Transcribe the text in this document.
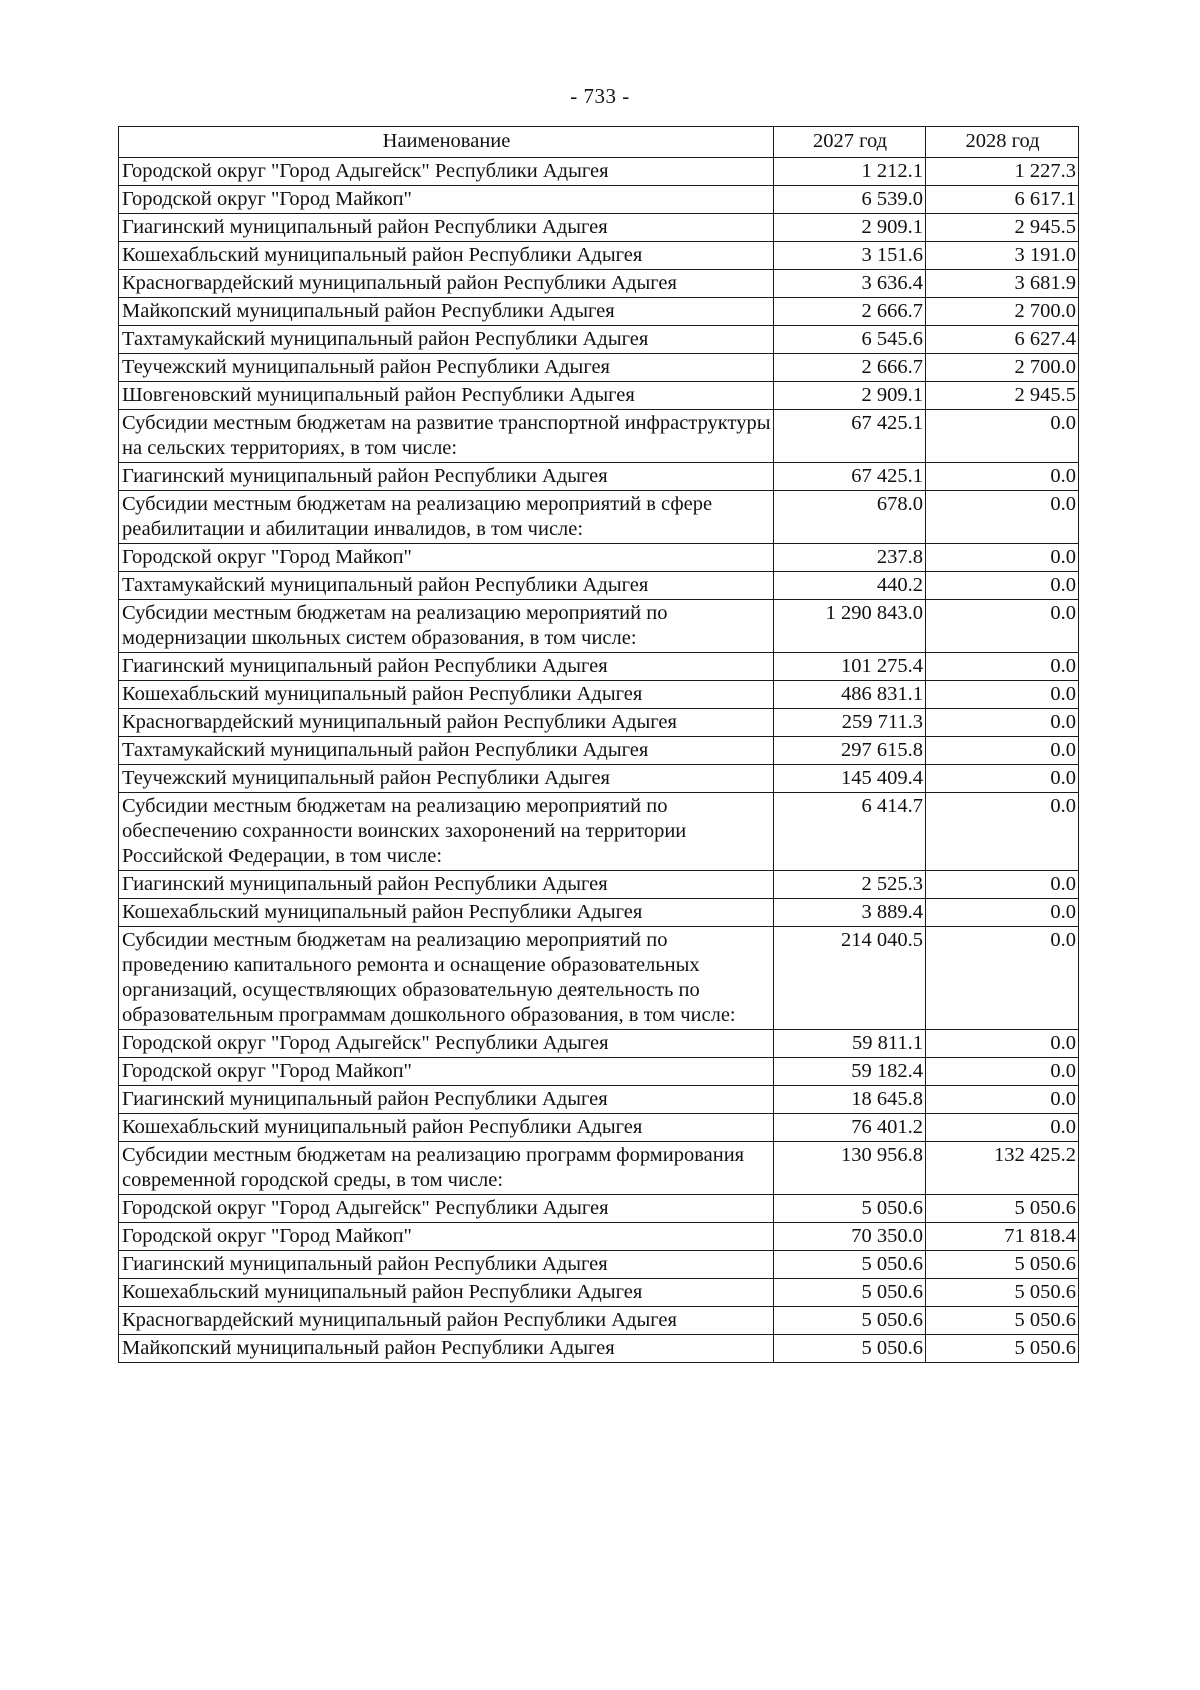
- 733 -
Наименование	2027 год	2028 год
Городской округ "Город Адыгейск" Республики Адыгея	1 212.1	1 227.3
Городской округ "Город Майкоп"	6 539.0	6 617.1
Гиагинский муниципальный район Республики Адыгея	2 909.1	2 945.5
Кошехабльский муниципальный район Республики Адыгея	3 151.6	3 191.0
Красногвардейский муниципальный район Республики Адыгея	3 636.4	3 681.9
Майкопский муниципальный район Республики Адыгея	2 666.7	2 700.0
Тахтамукайский муниципальный район Республики Адыгея	6 545.6	6 627.4
Теучежский муниципальный район Республики Адыгея	2 666.7	2 700.0
Шовгеновский муниципальный район Республики Адыгея	2 909.1	2 945.5
Субсидии местным бюджетам на развитие транспортной инфраструктуры на сельских территориях, в том числе:	67 425.1	0.0
Гиагинский муниципальный район Республики Адыгея	67 425.1	0.0
Субсидии местным бюджетам на реализацию мероприятий в сфере реабилитации и абилитации инвалидов, в том числе:	678.0	0.0
Городской округ "Город Майкоп"	237.8	0.0
Тахтамукайский муниципальный район Республики Адыгея	440.2	0.0
Субсидии местным бюджетам на реализацию мероприятий по модернизации школьных систем образования, в том числе:	1 290 843.0	0.0
Гиагинский муниципальный район Республики Адыгея	101 275.4	0.0
Кошехабльский муниципальный район Республики Адыгея	486 831.1	0.0
Красногвардейский муниципальный район Республики Адыгея	259 711.3	0.0
Тахтамукайский муниципальный район Республики Адыгея	297 615.8	0.0
Теучежский муниципальный район Республики Адыгея	145 409.4	0.0
Субсидии местным бюджетам на реализацию мероприятий по обеспечению сохранности воинских захоронений на территории Российской Федерации, в том числе:	6 414.7	0.0
Гиагинский муниципальный район Республики Адыгея	2 525.3	0.0
Кошехабльский муниципальный район Республики Адыгея	3 889.4	0.0
Субсидии местным бюджетам на реализацию мероприятий по проведению капитального ремонта и оснащение образовательных организаций, осуществляющих образовательную деятельность по образовательным программам дошкольного образования, в том числе:	214 040.5	0.0
Городской округ "Город Адыгейск" Республики Адыгея	59 811.1	0.0
Городской округ "Город Майкоп"	59 182.4	0.0
Гиагинский муниципальный район Республики Адыгея	18 645.8	0.0
Кошехабльский муниципальный район Республики Адыгея	76 401.2	0.0
Субсидии местным бюджетам на реализацию программ формирования современной городской среды, в том числе:	130 956.8	132 425.2
Городской округ "Город Адыгейск" Республики Адыгея	5 050.6	5 050.6
Городской округ "Город Майкоп"	70 350.0	71 818.4
Гиагинский муниципальный район Республики Адыгея	5 050.6	5 050.6
Кошехабльский муниципальный район Республики Адыгея	5 050.6	5 050.6
Красногвардейский муниципальный район Республики Адыгея	5 050.6	5 050.6
Майкопский муниципальный район Республики Адыгея	5 050.6	5 050.6
